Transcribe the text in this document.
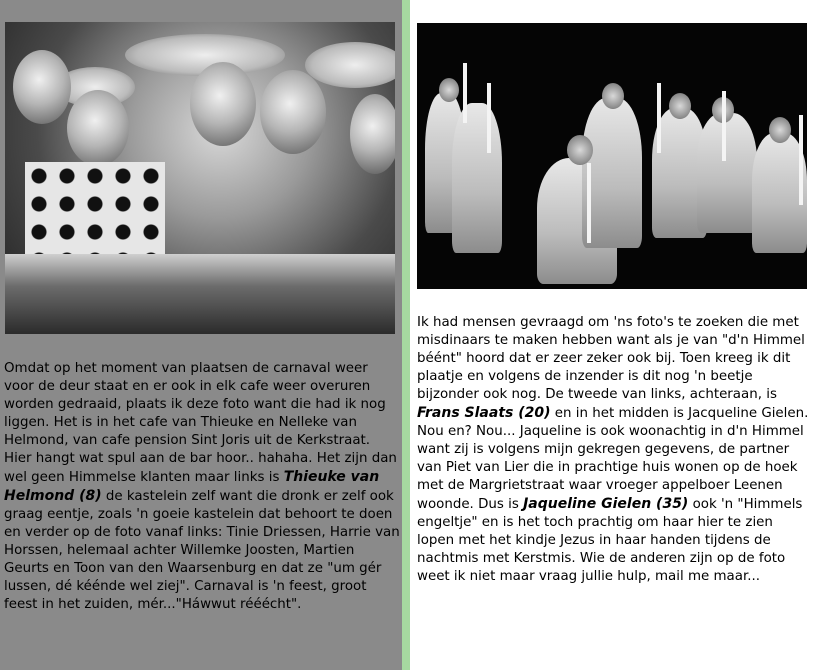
Omdat op het moment van plaatsen de carnaval weer voor de deur staat en er ook in elk cafe weer overuren worden gedraaid, plaats ik deze foto want die had ik nog liggen. Het is in het cafe van Thieuke en Nelleke van Helmond, van cafe pension Sint Joris uit de Kerkstraat. Hier hangt wat spul aan de bar hoor.. hahaha. Het zijn dan wel geen Himmelse klanten maar links is Thieuke van Helmond (8) de kastelein zelf want die dronk er zelf ook graag eentje, zoals 'n goeie kastelein dat behoort te doen en verder op de foto vanaf links: Tinie Driessen, Harrie van Horssen, helemaal achter Willemke Joosten, Martien Geurts en Toon van den Waarsenburg en dat ze "um gér lussen, dé kéénde wel ziej". Carnaval is 'n feest, groot feest in het zuiden, mér..."Háwwut rééécht".

Ik had mensen gevraagd om 'ns foto's te zoeken die met misdinaars te maken hebben want als je van "d'n Himmel béént" hoord dat er zeer zeker ook bij. Toen kreeg ik dit plaatje en volgens de inzender is dit nog 'n beetje bijzonder ook nog. De tweede van links, achteraan, is Frans Slaats (20) en in het midden is Jacqueline Gielen. Nou en? Nou... Jaqueline is ook woonachtig in d'n Himmel want zij is volgens mijn gekregen gegevens, de partner van Piet van Lier die in prachtige huis wonen op de hoek met de Margrietstraat waar vroeger appelboer Leenen woonde. Dus is Jaqueline Gielen (35) ook 'n "Himmels engeltje" en is het toch prachtig om haar hier te zien lopen met het kindje Jezus in haar handen tijdens de nachtmis met Kerstmis. Wie de anderen zijn op de foto weet ik niet maar vraag jullie hulp, mail me maar...
